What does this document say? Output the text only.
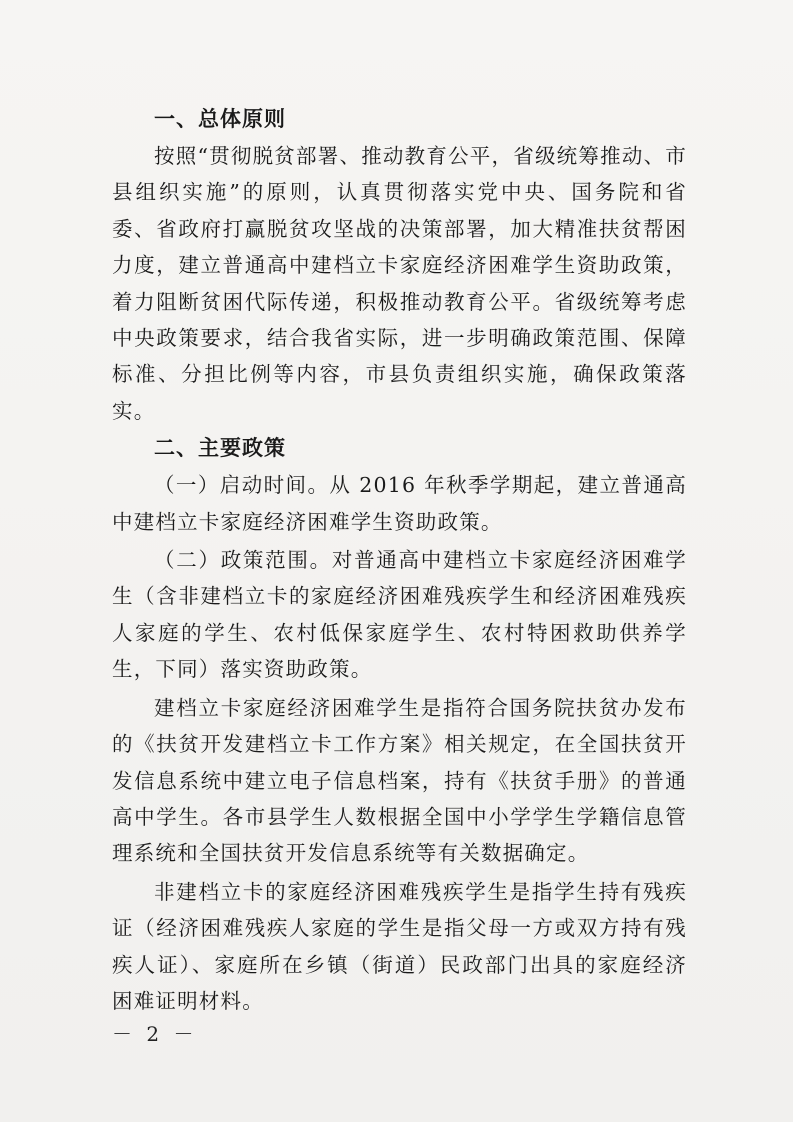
一、总体原则

按照“贯彻脱贫部署、推动教育公平，省级统筹推动、市县组织实施”的原则，认真贯彻落实党中央、国务院和省委、省政府打赢脱贫攻坚战的决策部署，加大精准扶贫帮困力度，建立普通高中建档立卡家庭经济困难学生资助政策，着力阻断贫困代际传递，积极推动教育公平。省级统筹考虑中央政策要求，结合我省实际，进一步明确政策范围、保障标准、分担比例等内容，市县负责组织实施，确保政策落实。

二、主要政策

（一）启动时间。从 2016 年秋季学期起，建立普通高中建档立卡家庭经济困难学生资助政策。

（二）政策范围。对普通高中建档立卡家庭经济困难学生（含非建档立卡的家庭经济困难残疾学生和经济困难残疾人家庭的学生、农村低保家庭学生、农村特困救助供养学生，下同）落实资助政策。

建档立卡家庭经济困难学生是指符合国务院扶贫办发布的《扶贫开发建档立卡工作方案》相关规定，在全国扶贫开发信息系统中建立电子信息档案，持有《扶贫手册》的普通高中学生。各市县学生人数根据全国中小学学生学籍信息管理系统和全国扶贫开发信息系统等有关数据确定。

非建档立卡的家庭经济困难残疾学生是指学生持有残疾证（经济困难残疾人家庭的学生是指父母一方或双方持有残疾人证）、家庭所在乡镇（街道）民政部门出具的家庭经济困难证明材料。

－ 2 －
